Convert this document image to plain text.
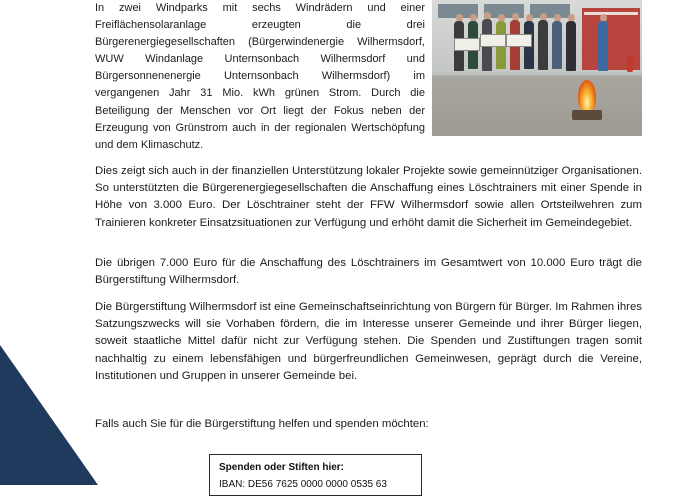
In zwei Windparks mit sechs Windrädern und einer Freiflächensolaranlage erzeugten die drei Bürgerenergiegesellschaften (Bürgerwindenergie Wilhermsdorf, WUW Windanlage Unternsonbach Wilhermsdorf und Bürgersonnenenergie Unternsonbach Wilhermsdorf) im vergangenen Jahr 31 Mio. kWh grünen Strom. Durch die Beteiligung der Menschen vor Ort liegt der Fokus neben der Erzeugung von Grünstrom auch in der regionalen Wertschöpfung und dem Klimaschutz.

Dies zeigt sich auch in der finanziellen Unterstützung lokaler Projekte sowie gemeinnütziger Organisationen. So unterstützten die Bürgerenergiegesellschaften die Anschaffung eines Löschtrainers mit einer Spende in Höhe von 3.000 Euro. Der Löschtrainer steht der FFW Wilhermsdorf sowie allen Ortsteilwehren zum Trainieren konkreter Einsatzsituationen zur Verfügung und erhöht damit die Sicherheit im Gemeindegebiet.

Die übrigen 7.000 Euro für die Anschaffung des Löschtrainers im Gesamtwert von 10.000 Euro trägt die Bürgerstiftung Wilhermsdorf.

Die Bürgerstiftung Wilhermsdorf ist eine Gemeinschaftseinrichtung von Bürgern für Bürger. Im Rahmen ihres Satzungszwecks will sie Vorhaben fördern, die im Interesse unserer Gemeinde und ihrer Bürger liegen, soweit staatliche Mittel dafür nicht zur Verfügung stehen. Die Spenden und Zustiftungen tragen somit nachhaltig zu einem lebensfähigen und bürgerfreundlichen Gemeinwesen, geprägt durch die Vereine, Institutionen und Gruppen in unserer Gemeinde bei.

Falls auch Sie für die Bürgerstiftung helfen und spenden möchten:

Spenden oder Stiften hier:
IBAN: DE56 7625 0000 0000 0535 63
